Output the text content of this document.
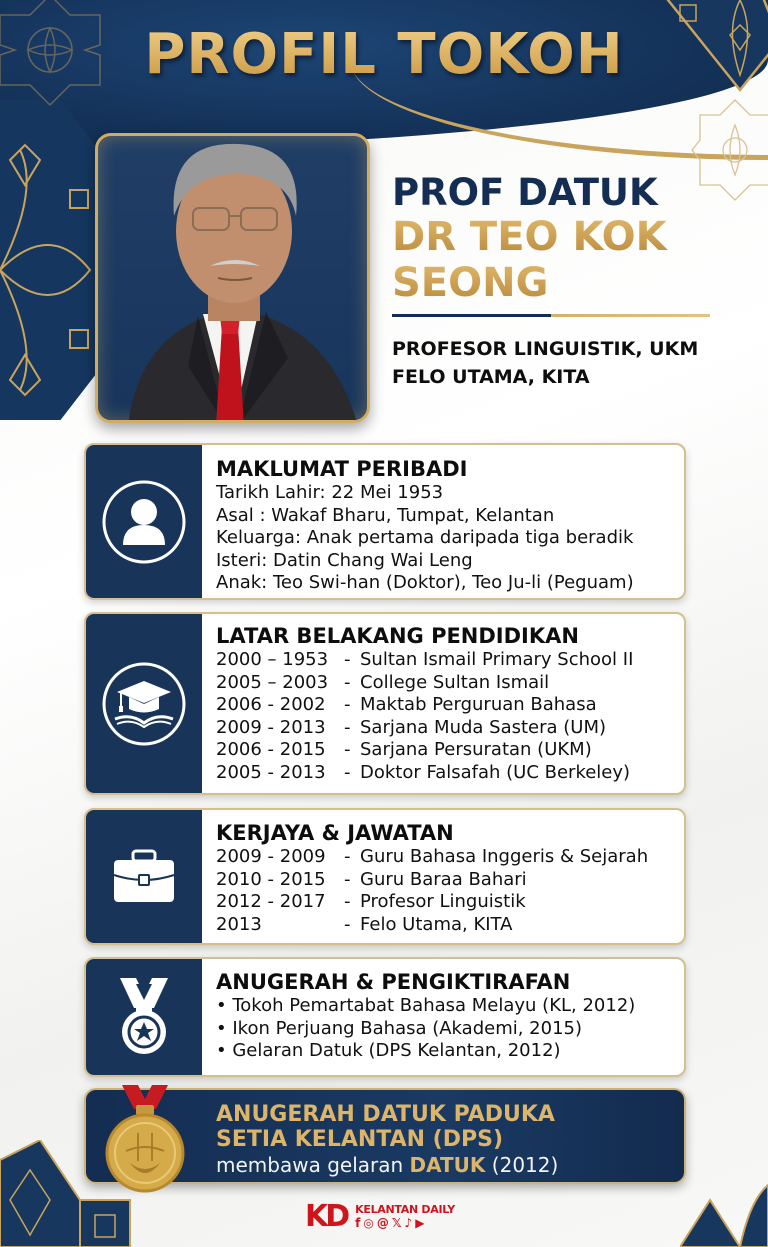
PROFIL TOKOH
PROF DATUK
DR TEO KOK
SEONG
PROFESOR LINGUISTIK, UKM
FELO UTAMA, KITA
MAKLUMAT PERIBADI
Tarikh Lahir: 22 Mei 1953
Asal : Wakaf Bharu, Tumpat, Kelantan
Keluarga: Anak pertama daripada tiga beradik
Isteri: Datin Chang Wai Leng
Anak: Teo Swi-han (Doktor), Teo Ju-li (Peguam)
LATAR BELAKANG PENDIDIKAN
2000 – 1953 - Sultan Ismail Primary School II
2005 – 2003 - College Sultan Ismail
2006 - 2002	- Maktab Perguruan Bahasa
2009 - 2013	- Sarjana Muda Sastera (UM)
2006 - 2015	- Sarjana Persuratan (UKM)
2005 - 2013	- Doktor Falsafah (UC Berkeley)
KERJAYA & JAWATAN
2009 - 2009	- Guru Bahasa Inggeris & Sejarah
2010 - 2015	- Guru Baraa Bahari
2012 - 2017	- Profesor Linguistik
2013	- Felo Utama, KITA
ANUGERAH & PENGIKTIRAFAN
• Tokoh Pemartabat Bahasa Melayu (KL, 2012)
• Ikon Perjuang Bahasa (Akademi, 2015)
• Gelaran Datuk (DPS Kelantan, 2012)
ANUGERAH DATUK PADUKA
SETIA KELANTAN (DPS)
membawa gelaran DATUK (2012)
KD KELANTAN DAILY
f ◎ @ 𝕏 ♪ ▶
